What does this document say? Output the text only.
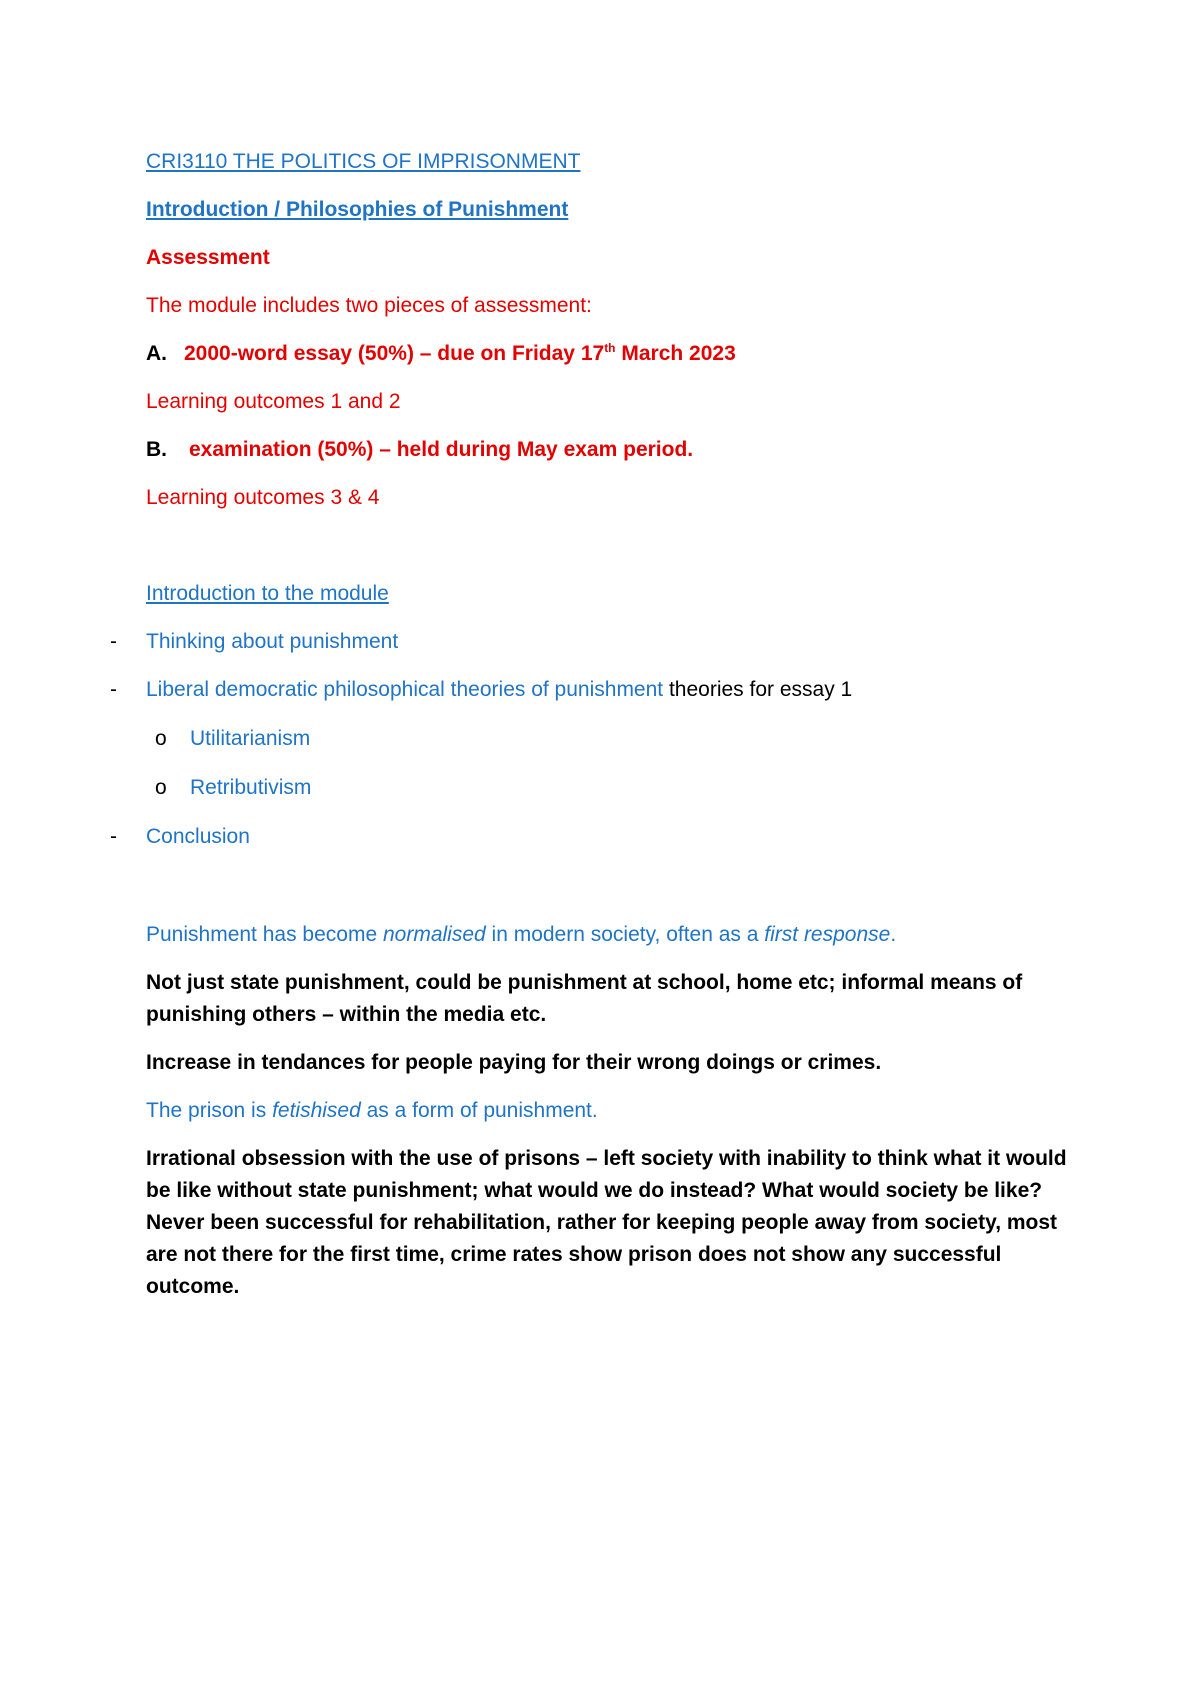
CRI3110 THE POLITICS OF IMPRISONMENT
Introduction / Philosophies of Punishment
Assessment
The module includes two pieces of assessment:
A. 2000-word essay (50%) – due on Friday 17th March 2023
Learning outcomes 1 and 2
B. examination (50%) – held during May exam period.
Learning outcomes 3 & 4
Introduction to the module
- Thinking about punishment
- Liberal democratic philosophical theories of punishment theories for essay 1
o Utilitarianism
o Retributivism
- Conclusion
Punishment has become normalised in modern society, often as a first response.
Not just state punishment, could be punishment at school, home etc; informal means of punishing others – within the media etc.
Increase in tendances for people paying for their wrong doings or crimes.
The prison is fetishised as a form of punishment.
Irrational obsession with the use of prisons – left society with inability to think what it would be like without state punishment; what would we do instead? What would society be like? Never been successful for rehabilitation, rather for keeping people away from society, most are not there for the first time, crime rates show prison does not show any successful outcome.
